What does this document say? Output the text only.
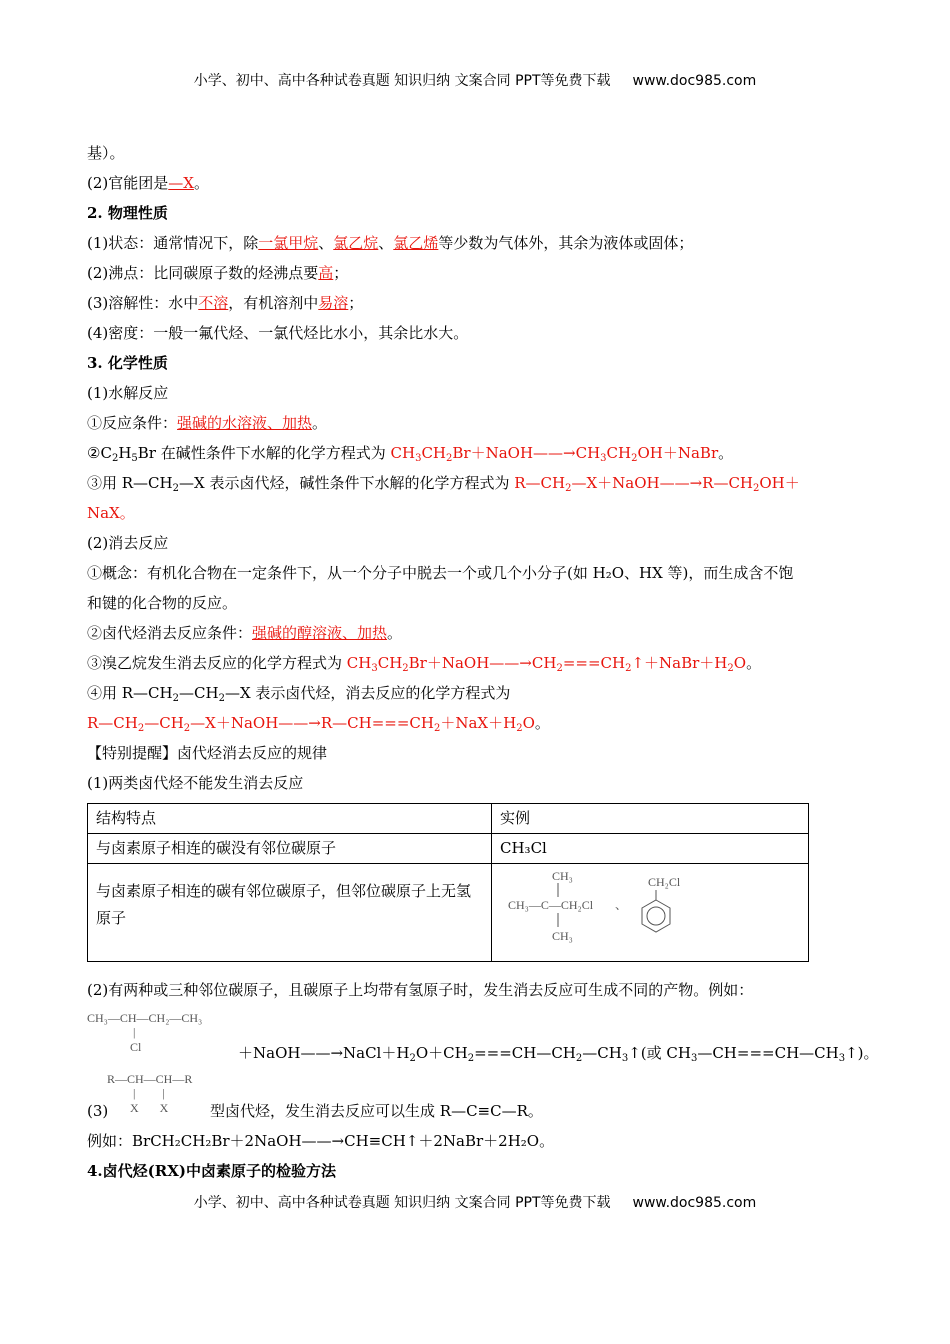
小学、初中、高中各种试卷真题 知识归纳 文案合同 PPT等免费下载 www.doc985.com
基）。
(2)官能团是—X。
2. 物理性质
(1)状态：通常情况下，除一氯甲烷、氯乙烷、氯乙烯等少数为气体外，其余为液体或固体；
(2)沸点：比同碳原子数的烃沸点要高；
(3)溶解性：水中不溶，有机溶剂中易溶；
(4)密度：一般一氟代烃、一氯代烃比水小，其余比水大。
3. 化学性质
(1)水解反应
①反应条件：强碱的水溶液、加热。
$②C_2H_5Br$ 在碱性条件下水解的化学方程式为 $CH_3CH_2Br+NaOH——\to CH_3CH_2OH+NaBr$。
③用 $R—CH_2—X$ 表示卤代烃，碱性条件下水解的化学方程式为 $R—CH_2—X+NaOH——\to R—CH_2OH+$
NaX。
(2)消去反应
①概念：有机化合物在一定条件下，从一个分子中脱去一个或几个小分子(如 H₂O、HX 等)，而生成含不饱
和键的化合物的反应。
②卤代烃消去反应条件：强碱的醇溶液、加热。
③溴乙烷发生消去反应的化学方程式为 $CH_3CH_2Br+NaOH——\to CH_2===CH_2↑+NaBr+H_2O$。
④用 $R—CH_2—CH_2—X$ 表示卤代烃，消去反应的化学方程式为
$R—CH_2—CH_2—X+NaOH——\to R—CH===CH_2+NaX+H_2O$。
【特别提醒】卤代烃消去反应的规律
(1)两类卤代烃不能发生消去反应
结构特点	实例
与卤素原子相连的碳没有邻位碳原子	CH₃Cl
与卤素原子相连的碳有邻位碳原子，但邻位碳原子上无氢原子	CH₃
CH₃—C—CH₂Cl
CH₃
、
CH₂Cl
(2)有两种或三种邻位碳原子，且碳原子上均带有氢原子时，发生消去反应可生成不同的产物。例如：
CH₃—CH—CH₂—CH₃
|
Cl	$+NaOH——\to NaCl+H_2O+CH_2===CH—CH_2—CH_3↑$(或 $CH_3—CH===CH—CH_3↑$)。
R—CH—CH—R
|         |
X       X
(3)	型卤代烃，发生消去反应可以生成 R—C≡C—R。
例如：BrCH₂CH₂Br＋2NaOH——→CH≡CH↑＋2NaBr＋2H₂O。
4.卤代烃(RX)中卤素原子的检验方法
小学、初中、高中各种试卷真题 知识归纳 文案合同 PPT等免费下载 www.doc985.com
